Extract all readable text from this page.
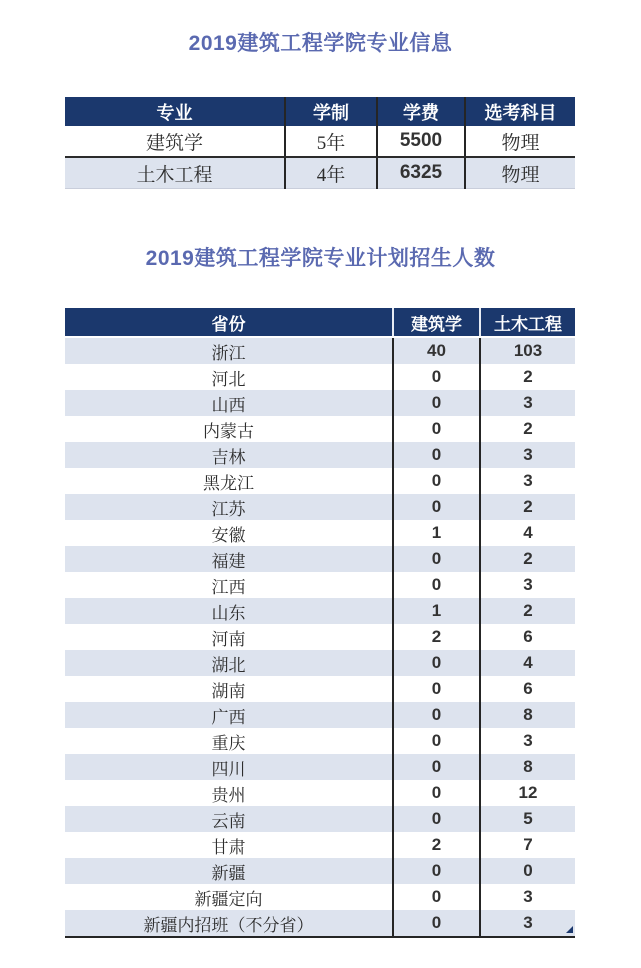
2019建筑工程学院专业信息
专业	学制	学费	选考科目
建筑学	5年	5500	物理
土木工程	4年	6325	物理
2019建筑工程学院专业计划招生人数
省份	建筑学	土木工程
浙江	40	103
河北	0	2
山西	0	3
内蒙古	0	2
吉林	0	3
黑龙江	0	3
江苏	0	2
安徽	1	4
福建	0	2
江西	0	3
山东	1	2
河南	2	6
湖北	0	4
湖南	0	6
广西	0	8
重庆	0	3
四川	0	8
贵州	0	12
云南	0	5
甘肃	2	7
新疆	0	0
新疆定向	0	3
新疆内招班（不分省）	0	3
